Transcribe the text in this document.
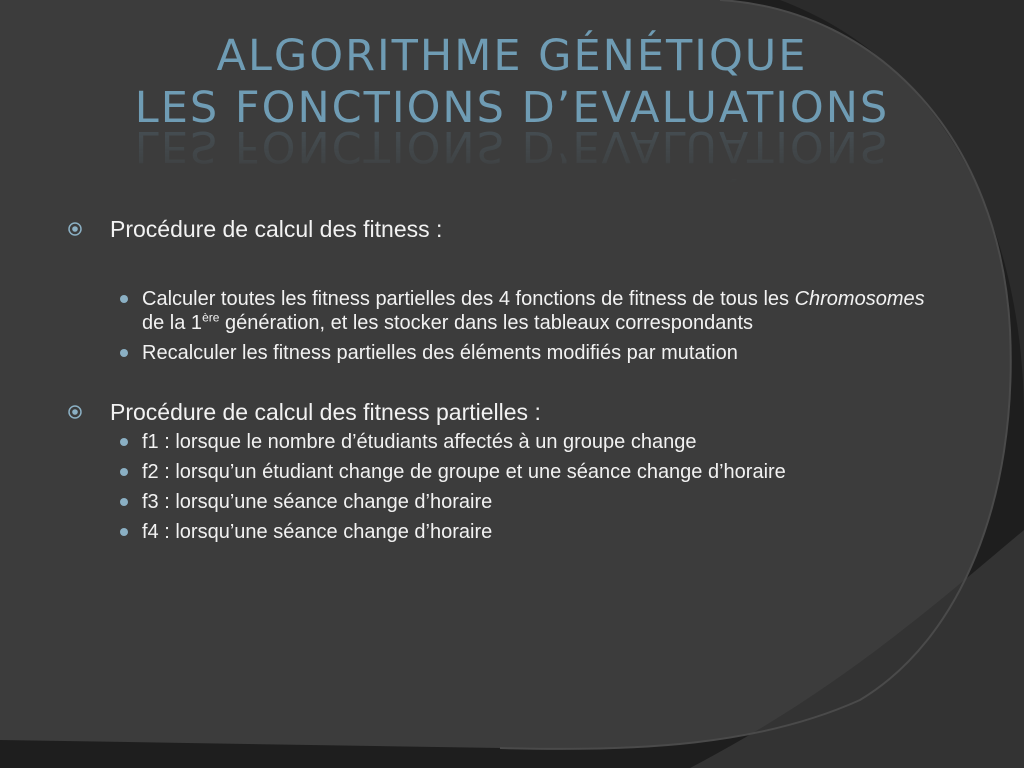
ALGORITHME GÉNÉTIQUE
LES FONCTIONS D’EVALUATIONS
Procédure de calcul des fitness :
Calculer toutes les fitness partielles des 4 fonctions de fitness de tous les Chromosomes de la 1ère génération, et les stocker dans les tableaux correspondants
Recalculer les fitness partielles des éléments modifiés par mutation
Procédure de calcul des fitness partielles :
f1 : lorsque le nombre d’étudiants affectés à un groupe change
f2 : lorsqu’un étudiant change de groupe et une séance change d’horaire
f3 : lorsqu’une séance change d’horaire
f4 : lorsqu’une séance change d’horaire
